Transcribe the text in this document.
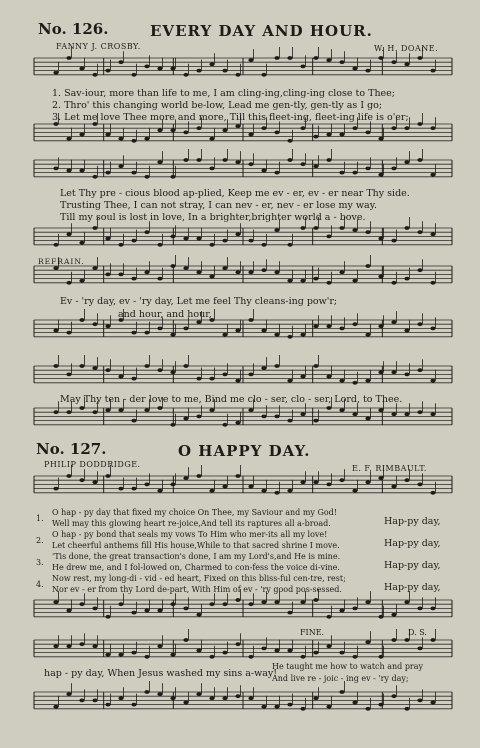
No. 126.	EVERY DAY AND HOUR.
FANNY J. CROSBY.	W. H. DOANE.
1. Sav-iour, more than life to me, I am cling-ing,cling-ing close to Thee;
2. Thro' this changing world be-low, Lead me gen-tly, gen-tly as I go;
3. Let me love Thee more and more, Till this fleet-ing, fleet-ing life is o'er;
Let Thy pre - cious blood ap-plied, Keep me ev - er, ev - er near Thy side.
Trusting Thee, I can not stray, I can nev - er, nev - er lose my way.
Till my soul is lost in love, In a brighter,brighter world a - bove.
REFRAIN.
Ev - 'ry day, ev - 'ry day, Let me feel Thy cleans-ing pow'r;
and hour, and hour,
May Thy ten - der love to me, Bind me clo - ser, clo - ser, Lord, to Thee.
No. 127.	O HAPPY DAY.
PHILIP DODDRIDGE.	E. F. RIMBAULT.
1.
O hap - py day that fixed my choice On Thee, my Saviour and my God!
Well may this glowing heart re-joice,And tell its raptures all a-broad.
2.
O hap - py bond that seals my vows To Him who mer-its all my love!
Let cheerful anthems fill His house,While to that sacred shrine I move.
3.
'Tis done, the great transaction's done, I am my Lord's,and He is mine.
He drew me, and I fol-lowed on, Charmed to con-fess the voice di-vine.
4.
Now rest, my long-di - vid - ed heart, Fixed on this bliss-ful cen-tre, rest;
Nor ev - er from thy Lord de-part, With Him of ev - 'ry good pos-sessed.
Hap-py day,
Hap-py day,
Hap-py day,
Hap-py day,
FINE.	D. S.
hap - py day, When Jesus washed my sins a-way!
He taught me how to watch and pray
And live re - joic - ing ev - 'ry day;
